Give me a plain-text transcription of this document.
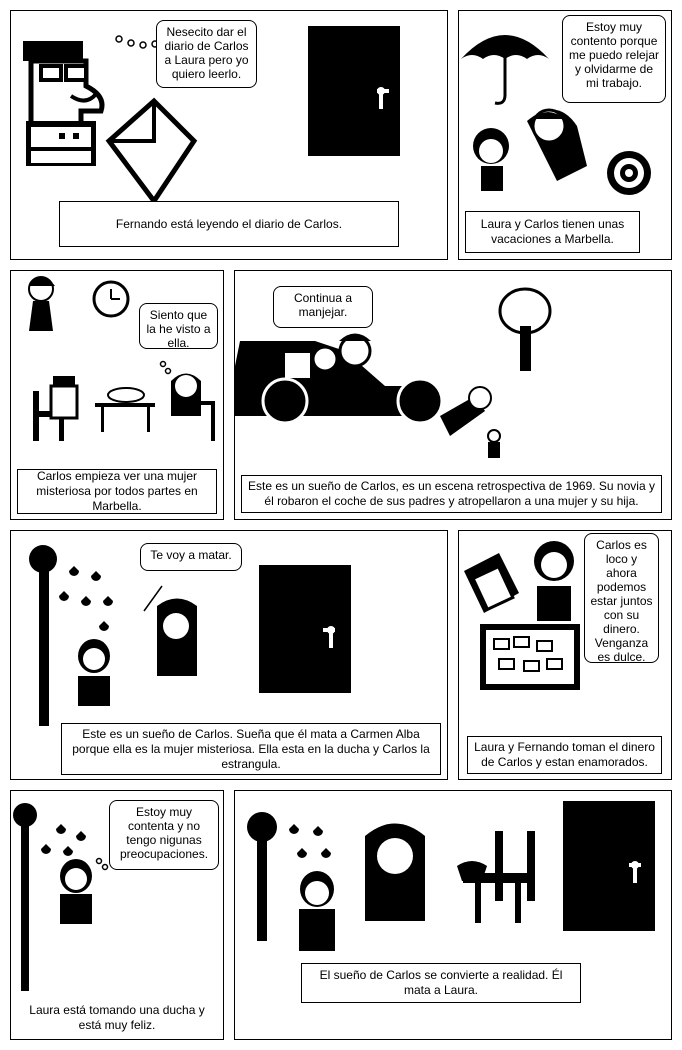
Nesecito dar el diario de Carlos a Laura pero yo quiero leerlo.
Fernando está leyendo el diario de Carlos.
Estoy muy contento porque me puedo relejar y olvidarme de mi trabajo.
Laura y Carlos tienen unas vacaciones a Marbella.
Siento que la he visto a ella.
Carlos empieza ver una mujer misteriosa por todos partes en Marbella.
Continua a manjejar.
Este es un sueño de Carlos, es un escena retrospectiva de 1969. Su novia y él robaron el coche de sus padres y atropellaron a una mujer y su hija.
Te voy a matar.
Este es un sueño de Carlos. Sueña que él mata a Carmen Alba porque ella es la mujer misteriosa. Ella esta en la ducha y Carlos la estrangula.
Carlos es loco y ahora podemos estar juntos con su dinero. Venganza es dulce.
Laura y Fernando toman el dinero de Carlos y estan enamorados.
Estoy muy contenta y no tengo nigunas preocupaciones.
Laura está tomando una ducha y está muy feliz.
El sueño de Carlos se convierte a realidad. Él mata a Laura.
